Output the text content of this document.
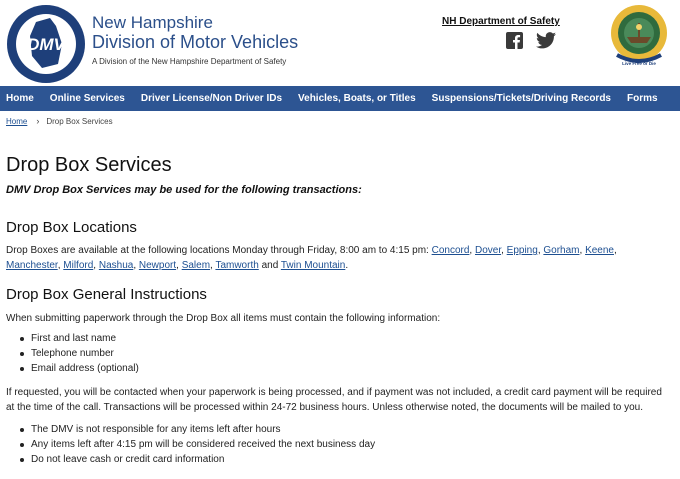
DMV
New Hampshire
Division of Motor Vehicles
A Division of the New Hampshire Department of Safety
NH Department of Safety
Live Free or Die
Home Online Services Driver License/Non Driver IDs Vehicles, Boats, or Titles Suspensions/Tickets/Driving Records Forms
Home › Drop Box Services
Drop Box Services
DMV Drop Box Services may be used for the following transactions:
Drop Box Locations

Drop Boxes are available at the following locations Monday through Friday, 8:00 am to 4:15 pm: Concord, Dover, Epping, Gorham, Keene, Manchester, Milford, Nashua, Newport, Salem, Tamworth and Twin Mountain.

Drop Box General Instructions

When submitting paperwork through the Drop Box all items must contain the following information:

First and last name
Telephone number
Email address (optional)

If requested, you will be contacted when your paperwork is being processed, and if payment was not included, a credit card payment will be required at the time of the call. Transactions will be processed within 24-72 business hours. Unless otherwise noted, the documents will be mailed to you.

The DMV is not responsible for any items left after hours
Any items left after 4:15 pm will be considered received the next business day
Do not leave cash or credit card information
